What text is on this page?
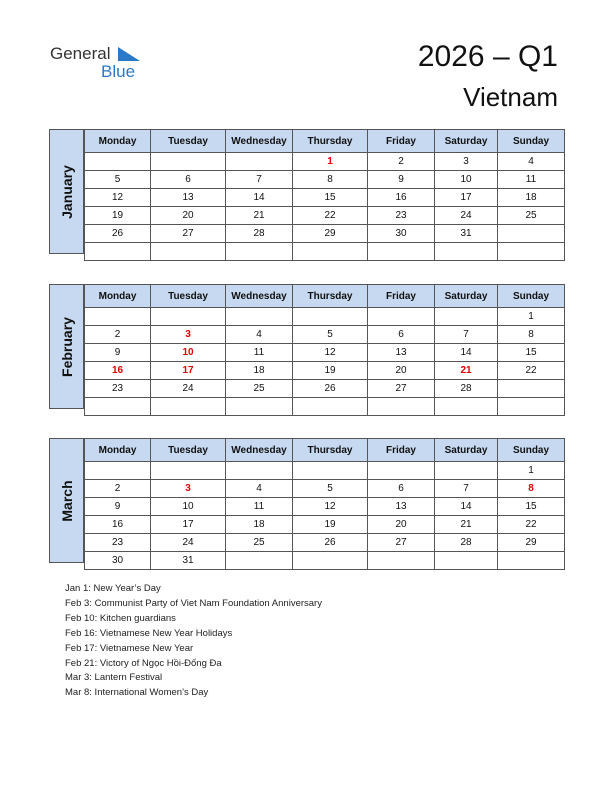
General
Blue	2026 – Q1
Vietnam
January
Monday	Tuesday	Wednesday	Thursday	Friday	Saturday	Sunday
			1	2	3	4
5	6	7	8	9	10	11
12	13	14	15	16	17	18
19	20	21	22	23	24	25
26	27	28	29	30	31	

February
Monday	Tuesday	Wednesday	Thursday	Friday	Saturday	Sunday
						1
2	3	4	5	6	7	8
9	10	11	12	13	14	15
16	17	18	19	20	21	22
23	24	25	26	27	28	

March
Monday	Tuesday	Wednesday	Thursday	Friday	Saturday	Sunday
						1
2	3	4	5	6	7	8
9	10	11	12	13	14	15
16	17	18	19	20	21	22
23	24	25	26	27	28	29
30	31					
Jan 1: New Year’s Day
Feb 3: Communist Party of Viet Nam Foundation Anniversary
Feb 10: Kitchen guardians
Feb 16: Vietnamese New Year Holidays
Feb 17: Vietnamese New Year
Feb 21: Victory of Ngọc Hồi-Đống Đa
Mar 3: Lantern Festival
Mar 8: International Women’s Day
